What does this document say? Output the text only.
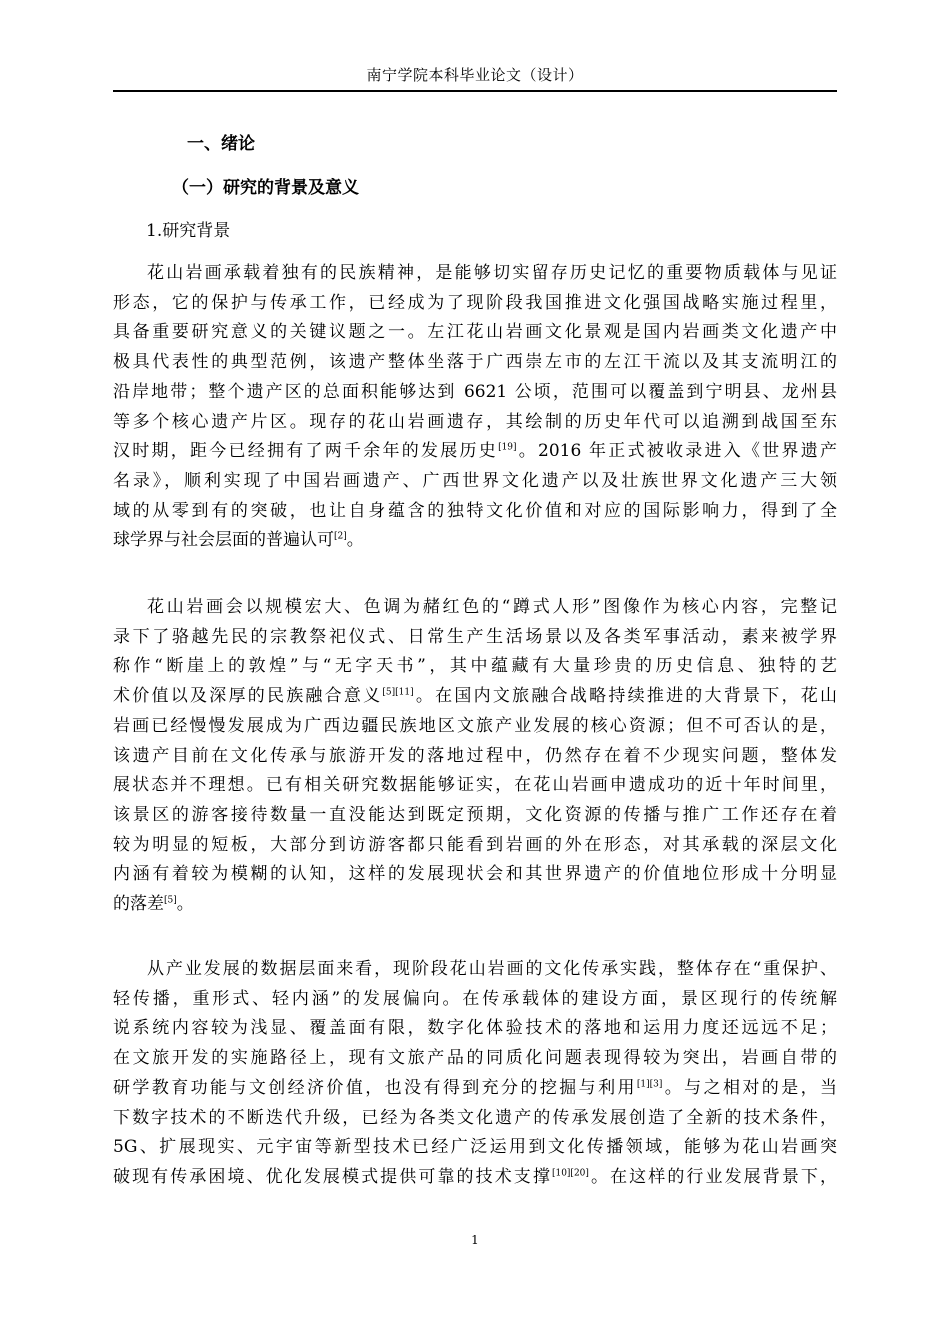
南宁学院本科毕业论文（设计）
一、绪论
（一）研究的背景及意义
1.研究背景
花山岩画承载着独有的民族精神，是能够切实留存历史记忆的重要物质载体与见证
形态，它的保护与传承工作，已经成为了现阶段我国推进文化强国战略实施过程里，
具备重要研究意义的关键议题之一。左江花山岩画文化景观是国内岩画类文化遗产中
极具代表性的典型范例，该遗产整体坐落于广西崇左市的左江干流以及其支流明江的
沿岸地带；整个遗产区的总面积能够达到 6621 公顷，范围可以覆盖到宁明县、龙州县
等多个核心遗产片区。现存的花山岩画遗存，其绘制的历史年代可以追溯到战国至东
汉时期，距今已经拥有了两千余年的发展历史[19]。2016 年正式被收录进入《世界遗产
名录》，顺利实现了中国岩画遗产、广西世界文化遗产以及壮族世界文化遗产三大领
域的从零到有的突破，也让自身蕴含的独特文化价值和对应的国际影响力，得到了全
球学界与社会层面的普遍认可[2]。
花山岩画会以规模宏大、色调为赭红色的“蹲式人形”图像作为核心内容，完整记
录下了骆越先民的宗教祭祀仪式、日常生产生活场景以及各类军事活动，素来被学界
称作“断崖上的敦煌”与“无字天书”，其中蕴藏有大量珍贵的历史信息、独特的艺
术价值以及深厚的民族融合意义[5][11]。在国内文旅融合战略持续推进的大背景下，花山
岩画已经慢慢发展成为广西边疆民族地区文旅产业发展的核心资源；但不可否认的是，
该遗产目前在文化传承与旅游开发的落地过程中，仍然存在着不少现实问题，整体发
展状态并不理想。已有相关研究数据能够证实，在花山岩画申遗成功的近十年时间里，
该景区的游客接待数量一直没能达到既定预期，文化资源的传播与推广工作还存在着
较为明显的短板，大部分到访游客都只能看到岩画的外在形态，对其承载的深层文化
内涵有着较为模糊的认知，这样的发展现状会和其世界遗产的价值地位形成十分明显
的落差[5]。
从产业发展的数据层面来看，现阶段花山岩画的文化传承实践，整体存在“重保护、
轻传播，重形式、轻内涵”的发展偏向。在传承载体的建设方面，景区现行的传统解
说系统内容较为浅显、覆盖面有限，数字化体验技术的落地和运用力度还远远不足；
在文旅开发的实施路径上，现有文旅产品的同质化问题表现得较为突出，岩画自带的
研学教育功能与文创经济价值，也没有得到充分的挖掘与利用[1][3]。与之相对的是，当
下数字技术的不断迭代升级，已经为各类文化遗产的传承发展创造了全新的技术条件，
5G、扩展现实、元宇宙等新型技术已经广泛运用到文化传播领域，能够为花山岩画突
破现有传承困境、优化发展模式提供可靠的技术支撑[10][20]。在这样的行业发展背景下，
1
